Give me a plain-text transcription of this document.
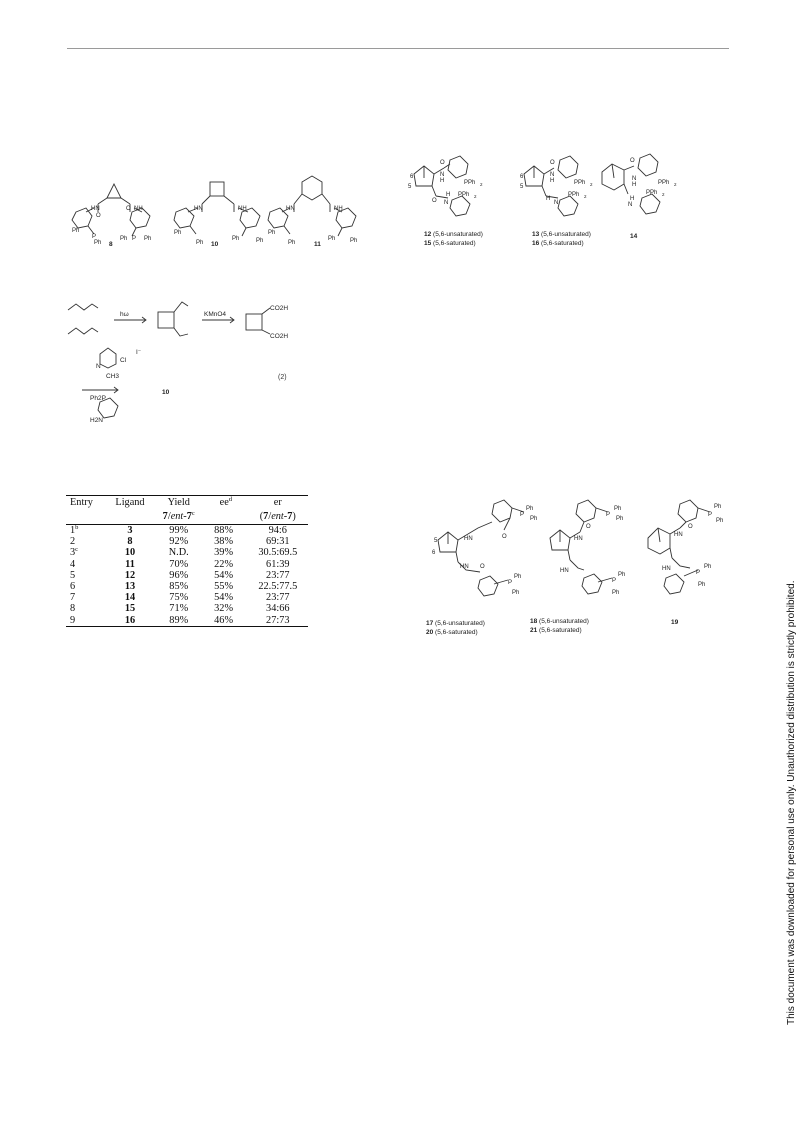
HN	O NH
O
P	P
Ph
Ph
Ph	Ph
HN	NH
Ph
Ph
Ph	Ph
HN	NH
Ph
Ph
Ph Ph
8	10	11
5
6
O
N
H	PPh 2
O
H
N
PPh 2
5
6
O
N
H	PPh 2
H
N
PPh 2
O
N
H	PPh 2
N
H
PPh 2
12 (5,6-unsaturated)
15 (5,6-saturated)
13 (5,6-unsaturated)
16 (5,6-saturated)
14
hω	KMnO4
CO2H
CO2H
Cl
CH3
I⁻
N
Ph2P
H2N
10
(2)
Entry	Ligand	Yield	$ee^d$	er
		7/ent-7$^c$		(7/ent-7)
1$^b$	3	99%	88%	94:6
2	8	92%	38%	69:31
3$^c$	10	N.D.	39%	30.5:69.5
4	11	70%	22%	61:39
5	12	96%	54%	23:77
6	13	85%	55%	22.5:77.5
7	14	75%	54%	23:77
8	15	71%	32%	34:66
9	16	89%	46%	27:73
6
5	HN
HN O
O
P
Ph
Ph
P
Ph
Ph
HN
HN
O
P
Ph
Ph
P
Ph
Ph
HN
HN
O
P
Ph
Ph
P
Ph
Ph
17 (5,6-unsaturated)
20 (5,6-saturated)
18 (5,6-unsaturated)
21 (5,6-saturated)
19	This document was downloaded for personal use only. Unauthorized distribution is strictly prohibited.
